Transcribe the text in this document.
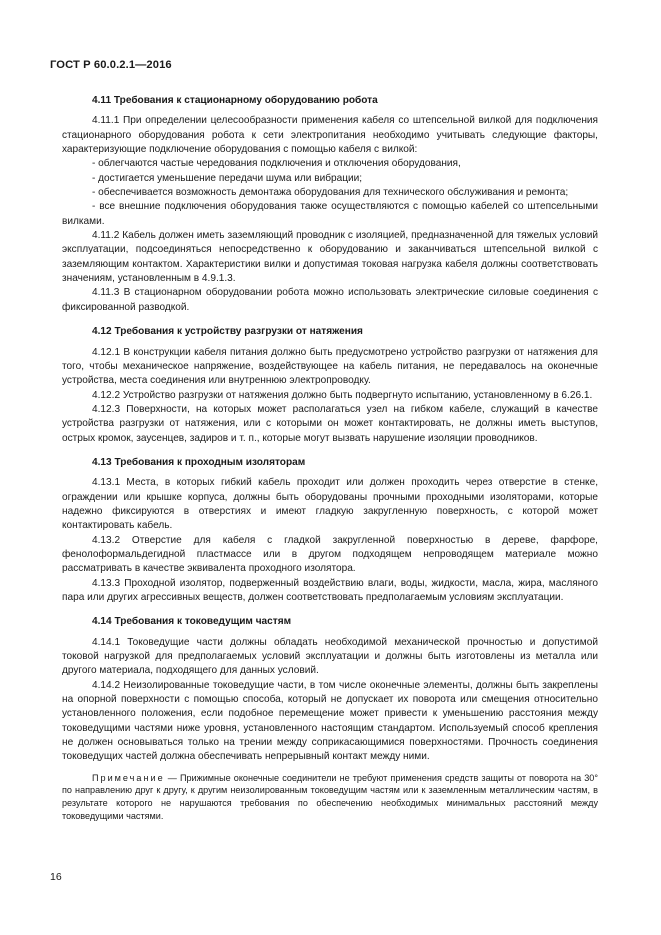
ГОСТ Р 60.0.2.1—2016
4.11 Требования к стационарному оборудованию робота

4.11.1 При определении целесообразности применения кабеля со штепсельной вилкой для подключения стационарного оборудования робота к сети электропитания необходимо учитывать следующие факторы, характеризующие подключение оборудования с помощью кабеля с вилкой:

- облегчаются частые чередования подключения и отключения оборудования,
- достигается уменьшение передачи шума или вибрации;
- обеспечивается возможность демонтажа оборудования для технического обслуживания и ремонта;
- все внешние подключения оборудования также осуществляются с помощью кабелей со штепсельными вилками.

4.11.2 Кабель должен иметь заземляющий проводник с изоляцией, предназначенной для тяжелых условий эксплуатации, подсоединяться непосредственно к оборудованию и заканчиваться штепсельной вилкой с заземляющим контактом. Характеристики вилки и допустимая токовая нагрузка кабеля должны соответствовать значениям, установленным в 4.9.1.3.

4.11.3 В стационарном оборудовании робота можно использовать электрические силовые соединения с фиксированной разводкой.

4.12 Требования к устройству разгрузки от натяжения

4.12.1 В конструкции кабеля питания должно быть предусмотрено устройство разгрузки от натяжения для того, чтобы механическое напряжение, воздействующее на кабель питания, не передавалось на оконечные устройства, места соединения или внутреннюю электропроводку.

4.12.2 Устройство разгрузки от натяжения должно быть подвергнуто испытанию, установленному в 6.26.1.

4.12.3 Поверхности, на которых может располагаться узел на гибком кабеле, служащий в качестве устройства разгрузки от натяжения, или с которыми он может контактировать, не должны иметь выступов, острых кромок, заусенцев, задиров и т. п., которые могут вызвать нарушение изоляции проводников.

4.13 Требования к проходным изоляторам

4.13.1 Места, в которых гибкий кабель проходит или должен проходить через отверстие в стенке, ограждении или крышке корпуса, должны быть оборудованы прочными проходными изоляторами, которые надежно фиксируются в отверстиях и имеют гладкую закругленную поверхность, с которой может контактировать кабель.

4.13.2 Отверстие для кабеля с гладкой закругленной поверхностью в дереве, фарфоре, фенолоформальдегидной пластмассе или в другом подходящем непроводящем материале можно рассматривать в качестве эквивалента проходного изолятора.

4.13.3 Проходной изолятор, подверженный воздействию влаги, воды, жидкости, масла, жира, масляного пара или других агрессивных веществ, должен соответствовать предполагаемым условиям эксплуатации.

4.14 Требования к токоведущим частям

4.14.1 Токоведущие части должны обладать необходимой механической прочностью и допустимой токовой нагрузкой для предполагаемых условий эксплуатации и должны быть изготовлены из металла или другого материала, подходящего для данных условий.

4.14.2 Неизолированные токоведущие части, в том числе оконечные элементы, должны быть закреплены на опорной поверхности с помощью способа, который не допускает их поворота или смещения относительно установленного положения, если подобное перемещение может привести к уменьшению расстояния между токоведущими частями ниже уровня, установленного настоящим стандартом. Используемый способ крепления не должен основываться только на трении между соприкасающимися поверхностями. Прочность соединения токоведущих частей должна обеспечивать непрерывный контакт между ними.

Примечание — Прижимные оконечные соединители не требуют применения средств защиты от поворота на 30° по направлению друг к другу, к другим неизолированным токоведущим частям или к заземленным металлическим частям, в результате которого не нарушаются требования по обеспечению необходимых минимальных расстояний между токоведущими частями.

16
